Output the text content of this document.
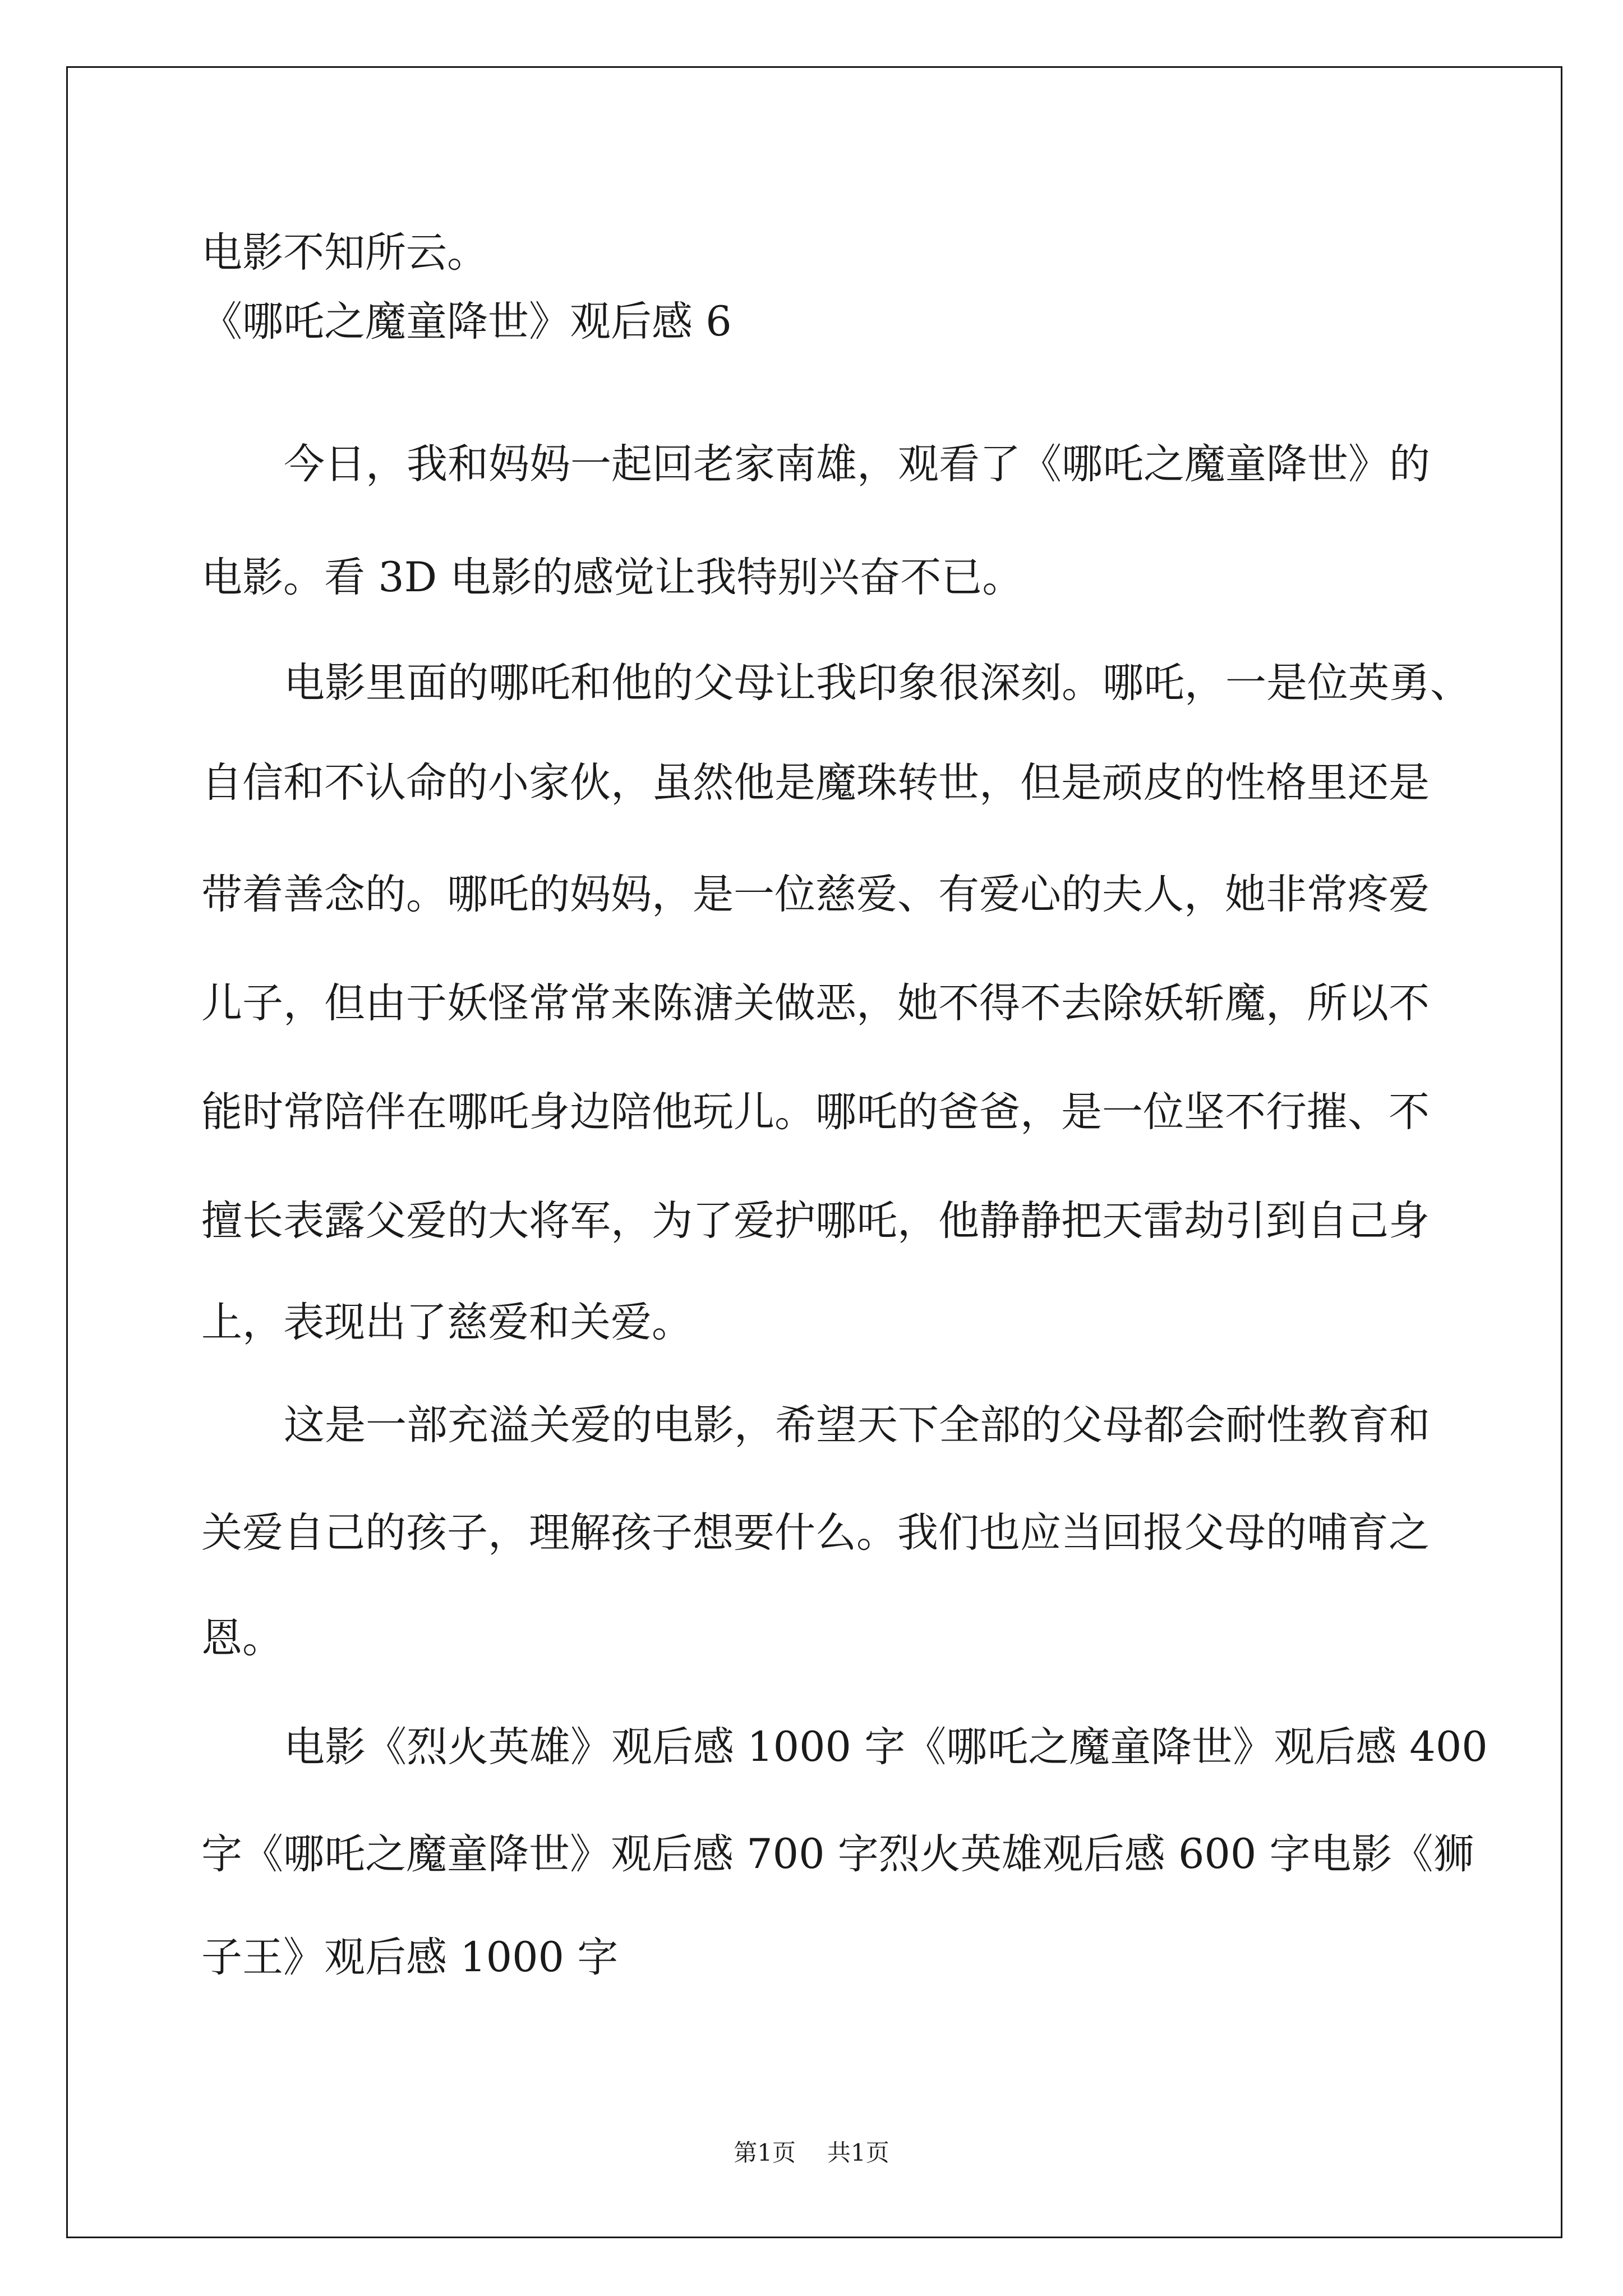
电影不知所云。
《哪吒之魔童降世》观后感 6
今日，我和妈妈一起回老家南雄，观看了《哪吒之魔童降世》的
电影。看 3D 电影的感觉让我特别兴奋不已。
电影里面的哪吒和他的父母让我印象很深刻。哪吒，一是位英勇、
自信和不认命的小家伙，虽然他是魔珠转世，但是顽皮的性格里还是
带着善念的。哪吒的妈妈，是一位慈爱、有爱心的夫人，她非常疼爱
儿子，但由于妖怪常常来陈溏关做恶，她不得不去除妖斩魔，所以不
能时常陪伴在哪吒身边陪他玩儿。哪吒的爸爸，是一位坚不行摧、不
擅长表露父爱的大将军，为了爱护哪吒，他静静把天雷劫引到自己身
上，表现出了慈爱和关爱。
这是一部充溢关爱的电影，希望天下全部的父母都会耐性教育和
关爱自己的孩子，理解孩子想要什么。我们也应当回报父母的哺育之
恩。
电影《烈火英雄》观后感 1000 字《哪吒之魔童降世》观后感 400
字《哪吒之魔童降世》观后感 700 字烈火英雄观后感 600 字电影《狮
子王》观后感 1000 字
第1页 共1页
